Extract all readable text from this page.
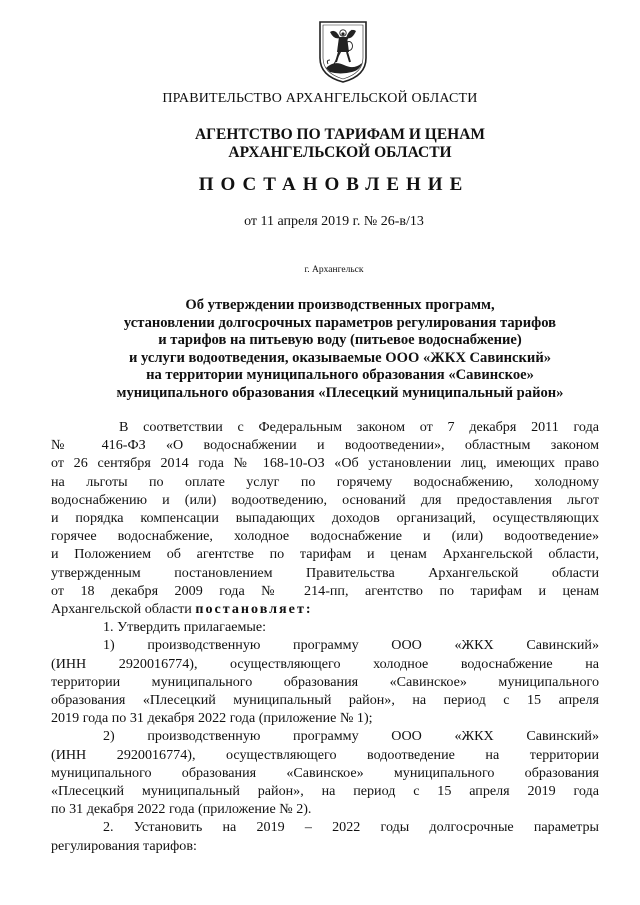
ПРАВИТЕЛЬСТВО АРХАНГЕЛЬСКОЙ ОБЛАСТИ
АГЕНТСТВО ПО ТАРИФАМ И ЦЕНАМ
АРХАНГЕЛЬСКОЙ ОБЛАСТИ
ПОСТАНОВЛЕНИЕ
от 11 апреля 2019 г. № 26-в/13
г. Архангельск
Об утверждении производственных программ,
установлении долгосрочных параметров регулирования тарифов
и тарифов на питьевую воду (питьевое водоснабжение)
и услуги водоотведения, оказываемые ООО «ЖКХ Савинский»
на территории муниципального образования «Савинское»
муниципального образования «Плесецкий муниципальный район»
В соответствии с Федеральным законом от 7 декабря 2011 года
№ 416-ФЗ «О водоснабжении и водоотведении», областным законом
от 26 сентября 2014 года № 168-10-ОЗ «Об установлении лиц, имеющих право
на льготы по оплате услуг по горячему водоснабжению, холодному
водоснабжению и (или) водоотведению, оснований для предоставления льгот
и порядка компенсации выпадающих доходов организаций, осуществляющих
горячее водоснабжение, холодное водоснабжение и (или) водоотведение»
и Положением об агентстве по тарифам и ценам Архангельской области,
утвержденным постановлением Правительства Архангельской области
от 18 декабря 2009 года № 214-пп, агентство по тарифам и ценам
Архангельской области постановляет:
1. Утвердить прилагаемые:
1) производственную программу ООО «ЖКХ Савинский»
(ИНН 2920016774), осуществляющего холодное водоснабжение на
территории муниципального образования «Савинское» муниципального
образования «Плесецкий муниципальный район», на период с 15 апреля
2019 года по 31 декабря 2022 года (приложение № 1);
2) производственную программу ООО «ЖКХ Савинский»
(ИНН 2920016774), осуществляющего водоотведение на территории
муниципального образования «Савинское» муниципального образования
«Плесецкий муниципальный район», на период с 15 апреля 2019 года
по 31 декабря 2022 года (приложение № 2).
2. Установить на 2019 – 2022 годы долгосрочные параметры
регулирования тарифов:
